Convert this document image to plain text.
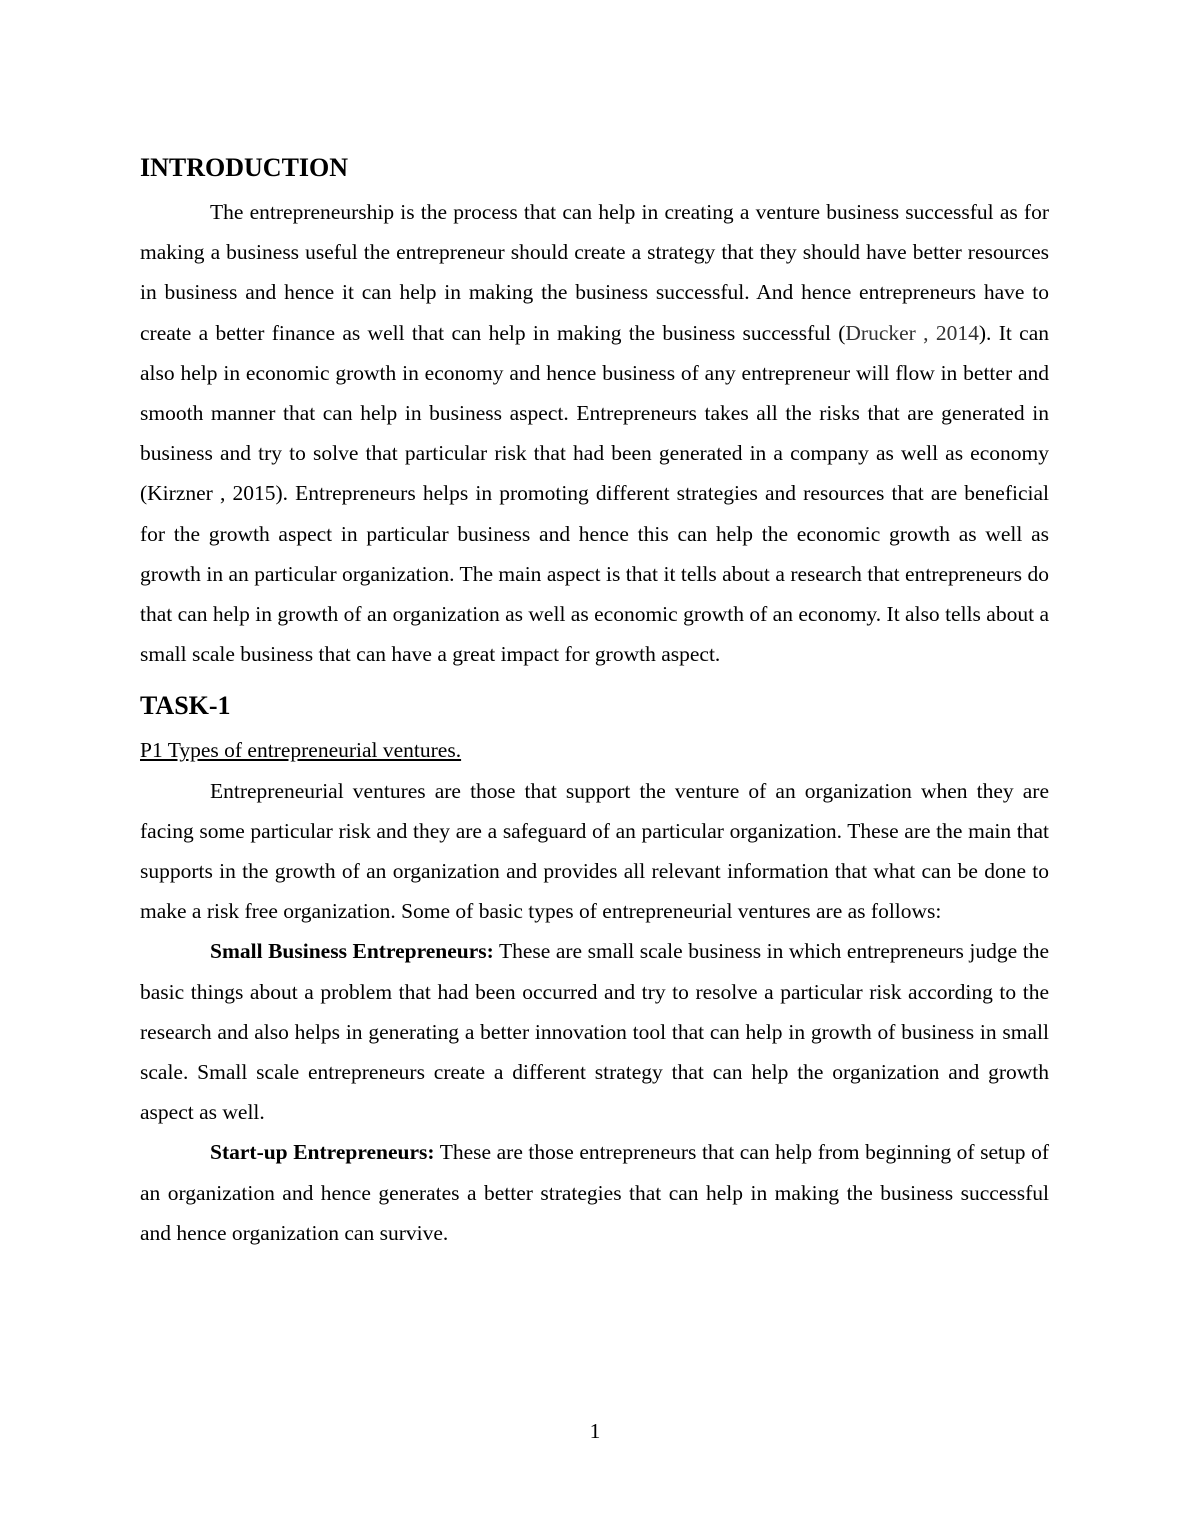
INTRODUCTION

The entrepreneurship is the process that can help in creating a venture business successful as for making a business useful the entrepreneur should create a strategy that they should have better resources in business and hence it can help in making the business successful. And hence entrepreneurs have to create a better finance as well that can help in making the business successful (Drucker , 2014). It can also help in economic growth in economy and hence business of any entrepreneur will flow in better and smooth manner that can help in business aspect. Entrepreneurs takes all the risks that are generated in business and try to solve that particular risk that had been generated in a company as well as economy (Kirzner , 2015). Entrepreneurs helps in promoting different strategies and resources that are beneficial for the growth aspect in particular business and hence this can help the economic growth as well as growth in an particular organization. The main aspect is that it tells about a research that entrepreneurs do that can help in growth of an organization as well as economic growth of an economy. It also tells about a small scale business that can have a great impact for growth aspect.

TASK-1
P1 Types of entrepreneurial ventures.

Entrepreneurial ventures are those that support the venture of an organization when they are facing some particular risk and they are a safeguard of an particular organization. These are the main that supports in the growth of an organization and provides all relevant information that what can be done to make a risk free organization. Some of basic types of entrepreneurial ventures are as follows:

Small Business Entrepreneurs: These are small scale business in which entrepreneurs judge the basic things about a problem that had been occurred and try to resolve a particular risk according to the research and also helps in generating a better innovation tool that can help in growth of business in small scale. Small scale entrepreneurs create a different strategy that can help the organization and growth aspect as well.

Start-up Entrepreneurs: These are those entrepreneurs that can help from beginning of setup of an organization and hence generates a better strategies that can help in making the business successful and hence organization can survive.

1
